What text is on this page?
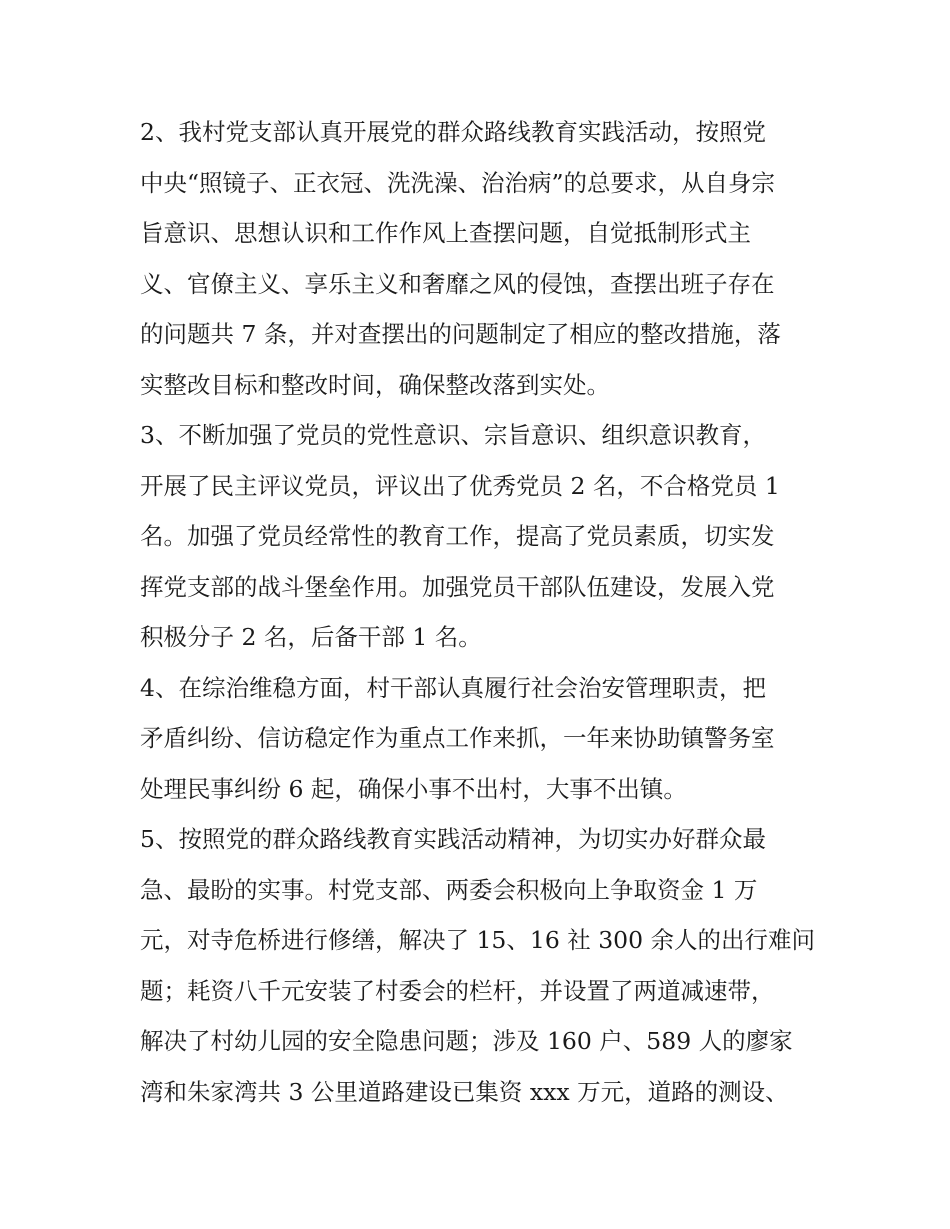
2、我村党支部认真开展党的群众路线教育实践活动，按照党
中央“照镜子、正衣冠、洗洗澡、治治病”的总要求，从自身宗
旨意识、思想认识和工作作风上查摆问题，自觉抵制形式主
义、官僚主义、享乐主义和奢靡之风的侵蚀，查摆出班子存在
的问题共 7 条，并对查摆出的问题制定了相应的整改措施，落
实整改目标和整改时间，确保整改落到实处。

3、不断加强了党员的党性意识、宗旨意识、组织意识教育，
开展了民主评议党员，评议出了优秀党员 2 名，不合格党员 1
名。加强了党员经常性的教育工作，提高了党员素质，切实发
挥党支部的战斗堡垒作用。加强党员干部队伍建设，发展入党
积极分子 2 名，后备干部 1 名。

4、在综治维稳方面，村干部认真履行社会治安管理职责，把
矛盾纠纷、信访稳定作为重点工作来抓，一年来协助镇警务室
处理民事纠纷 6 起，确保小事不出村，大事不出镇。

5、按照党的群众路线教育实践活动精神，为切实办好群众最
急、最盼的实事。村党支部、两委会积极向上争取资金 1 万
元，对寺危桥进行修缮，解决了 15、16 社 300 余人的出行难问
题；耗资八千元安装了村委会的栏杆，并设置了两道减速带，
解决了村幼儿园的安全隐患问题；涉及 160 户、589 人的廖家
湾和朱家湾共 3 公里道路建设已集资 xxx 万元，道路的测设、
